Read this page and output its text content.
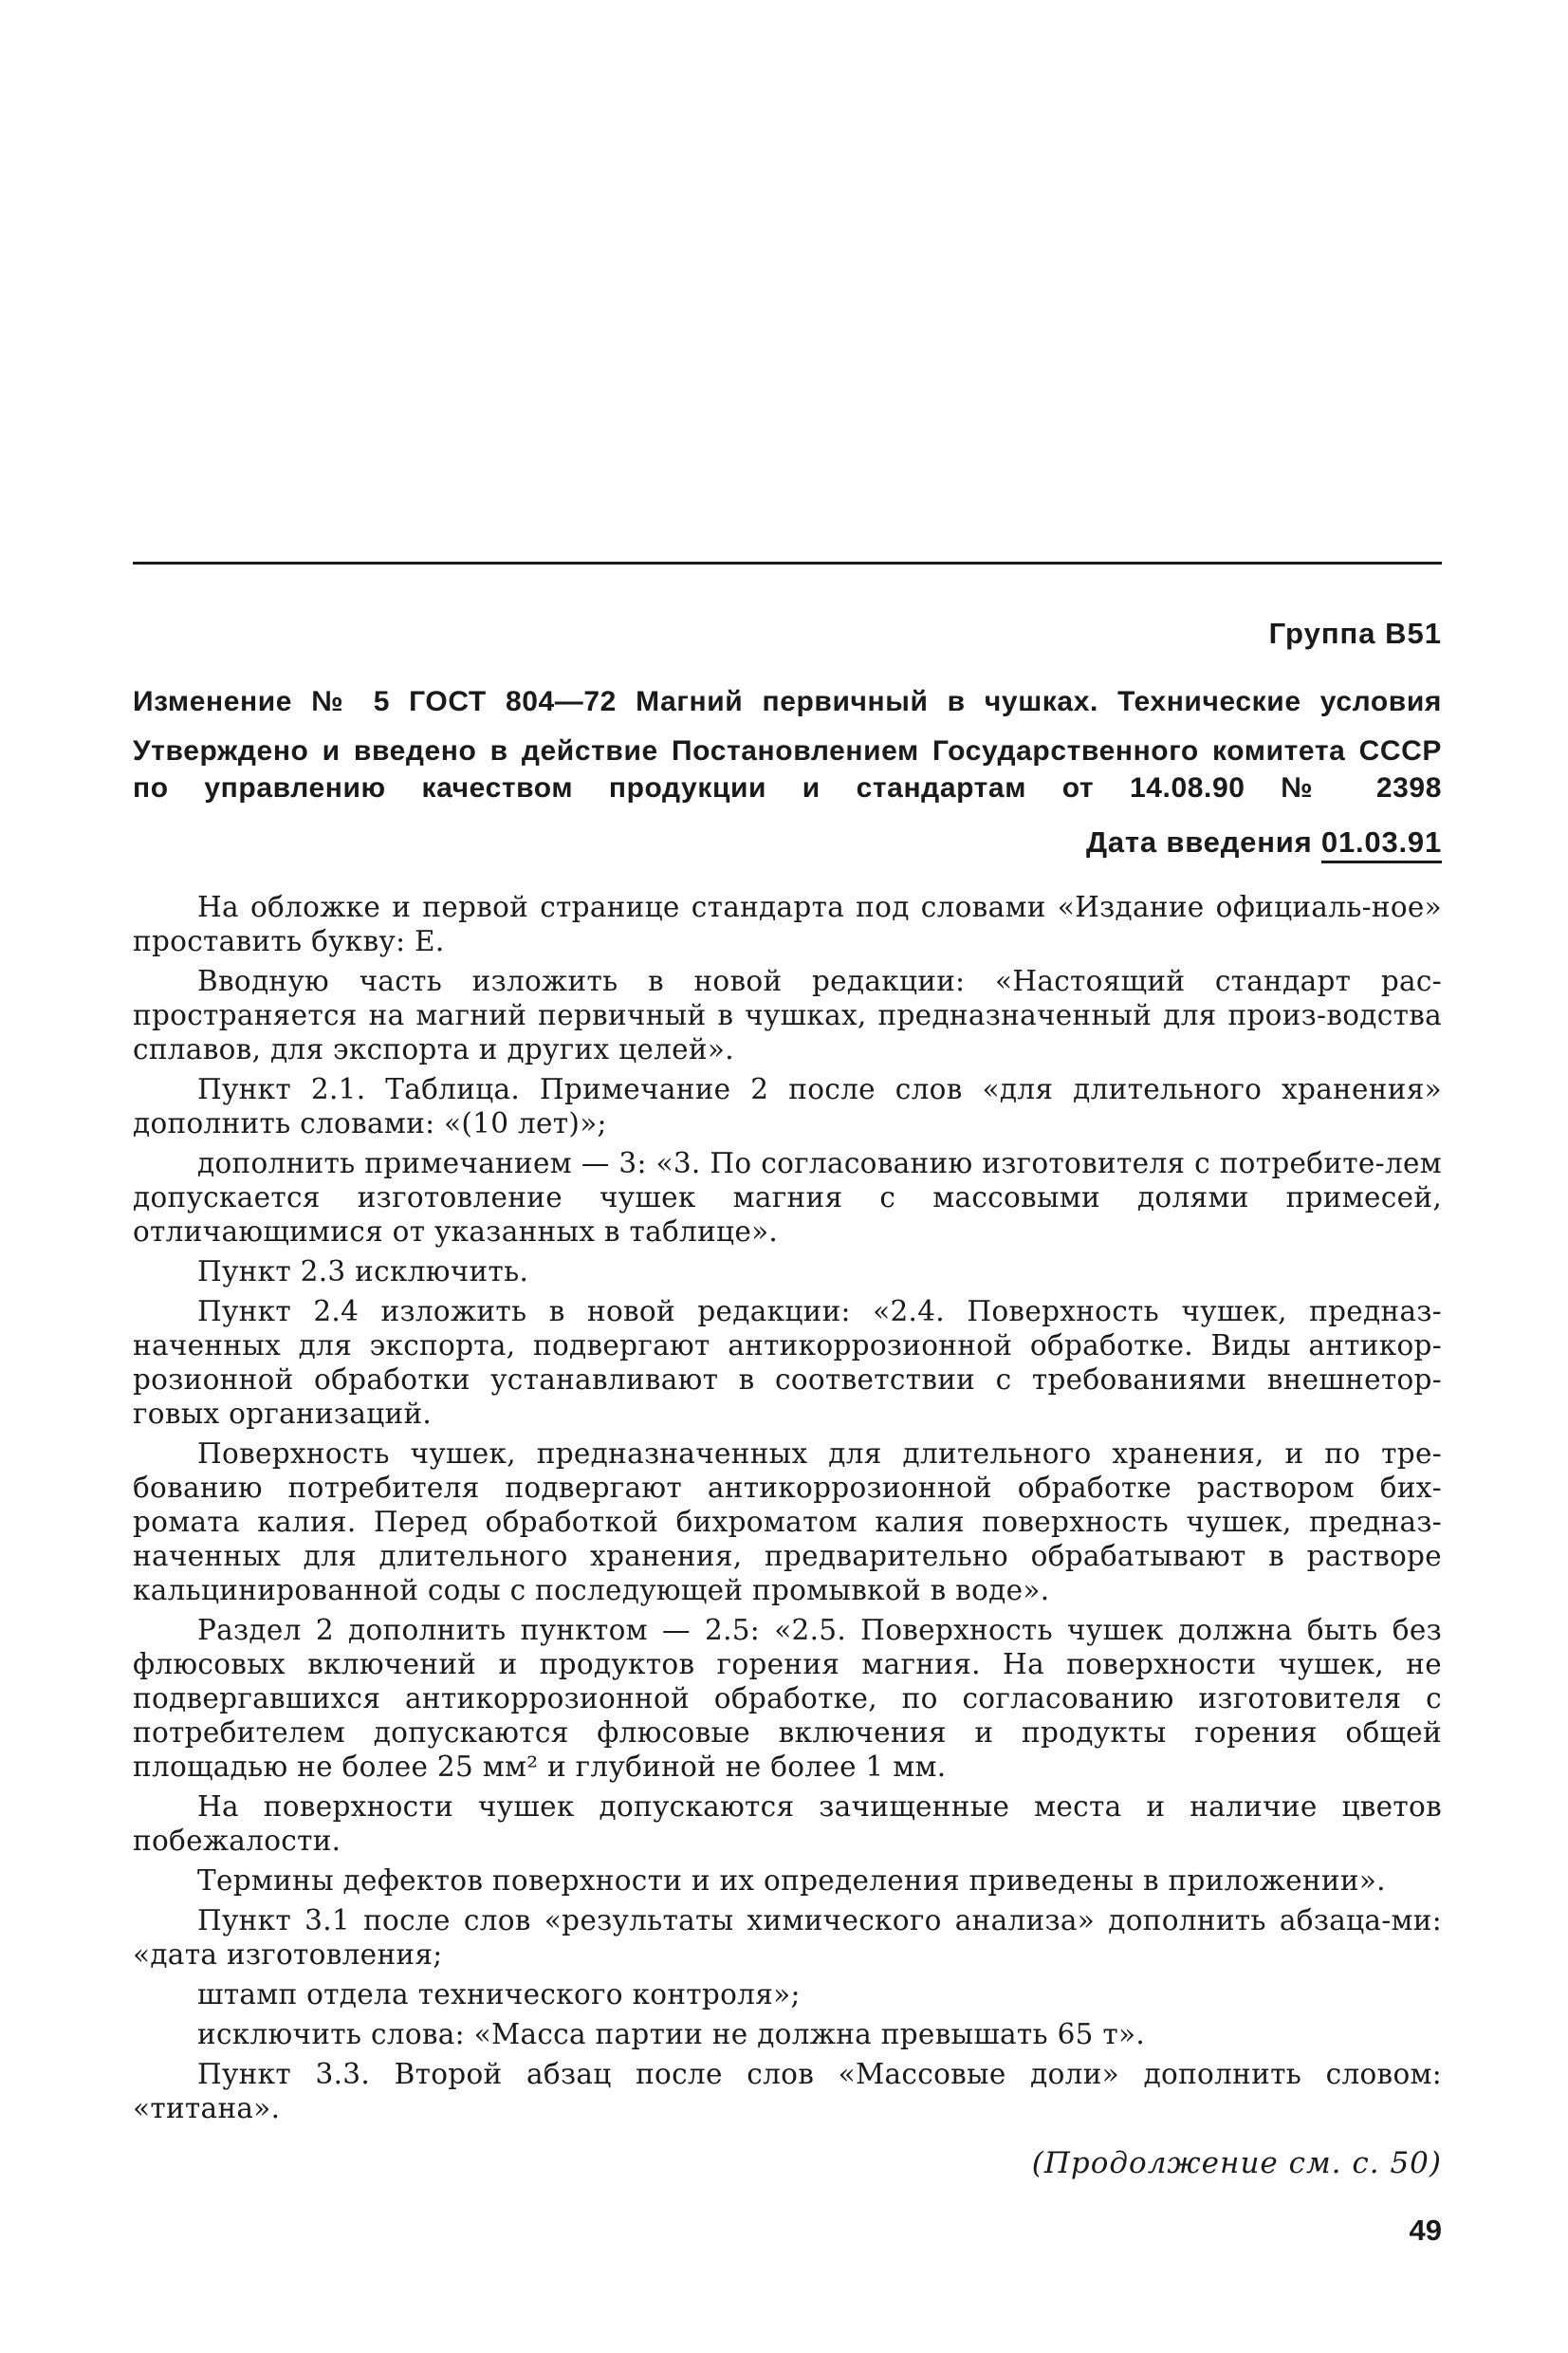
Группа В51
Изменение № 5 ГОСТ 804—72 Магний первичный в чушках. Технические условия
Утверждено и введено в действие Постановлением Государственного комитета СССР по управлению качеством продукции и стандартам от 14.08.90 № 2398
Дата введения 01.03.91

На обложке и первой странице стандарта под словами «Издание официаль-ное» проставить букву: Е.

Вводную часть изложить в новой редакции: «Настоящий стандарт рас-пространяется на магний первичный в чушках, предназначенный для произ-водства сплавов, для экспорта и других целей».

Пункт 2.1. Таблица. Примечание 2 после слов «для длительного хранения» дополнить словами: «(10 лет)»;

дополнить примечанием — 3: «3. По согласованию изготовителя с потребите-лем допускается изготовление чушек магния с массовыми долями примесей, отличающимися от указанных в таблице».

Пункт 2.3 исключить.

Пункт 2.4 изложить в новой редакции: «2.4. Поверхность чушек, предназ-наченных для экспорта, подвергают антикоррозионной обработке. Виды антикор-розионной обработки устанавливают в соответствии с требованиями внешнетор-говых организаций.

Поверхность чушек, предназначенных для длительного хранения, и по тре-бованию потребителя подвергают антикоррозионной обработке раствором бих-ромата калия. Перед обработкой бихроматом калия поверхность чушек, предназ-наченных для длительного хранения, предварительно обрабатывают в растворе кальцинированной соды с последующей промывкой в воде».

Раздел 2 дополнить пунктом — 2.5: «2.5. Поверхность чушек должна быть без флюсовых включений и продуктов горения магния. На поверхности чушек, не подвергавшихся антикоррозионной обработке, по согласованию изготовителя с потребителем допускаются флюсовые включения и продукты горения общей площадью не более 25 мм² и глубиной не более 1 мм.

На поверхности чушек допускаются зачищенные места и наличие цветов побежалости.

Термины дефектов поверхности и их определения приведены в приложении».

Пункт 3.1 после слов «результаты химического анализа» дополнить абзаца-ми: «дата изготовления;

штамп отдела технического контроля»;

исключить слова: «Масса партии не должна превышать 65 т».

Пункт 3.3. Второй абзац после слов «Массовые доли» дополнить словом: «титана».

(Продолжение см. с. 50)
49
